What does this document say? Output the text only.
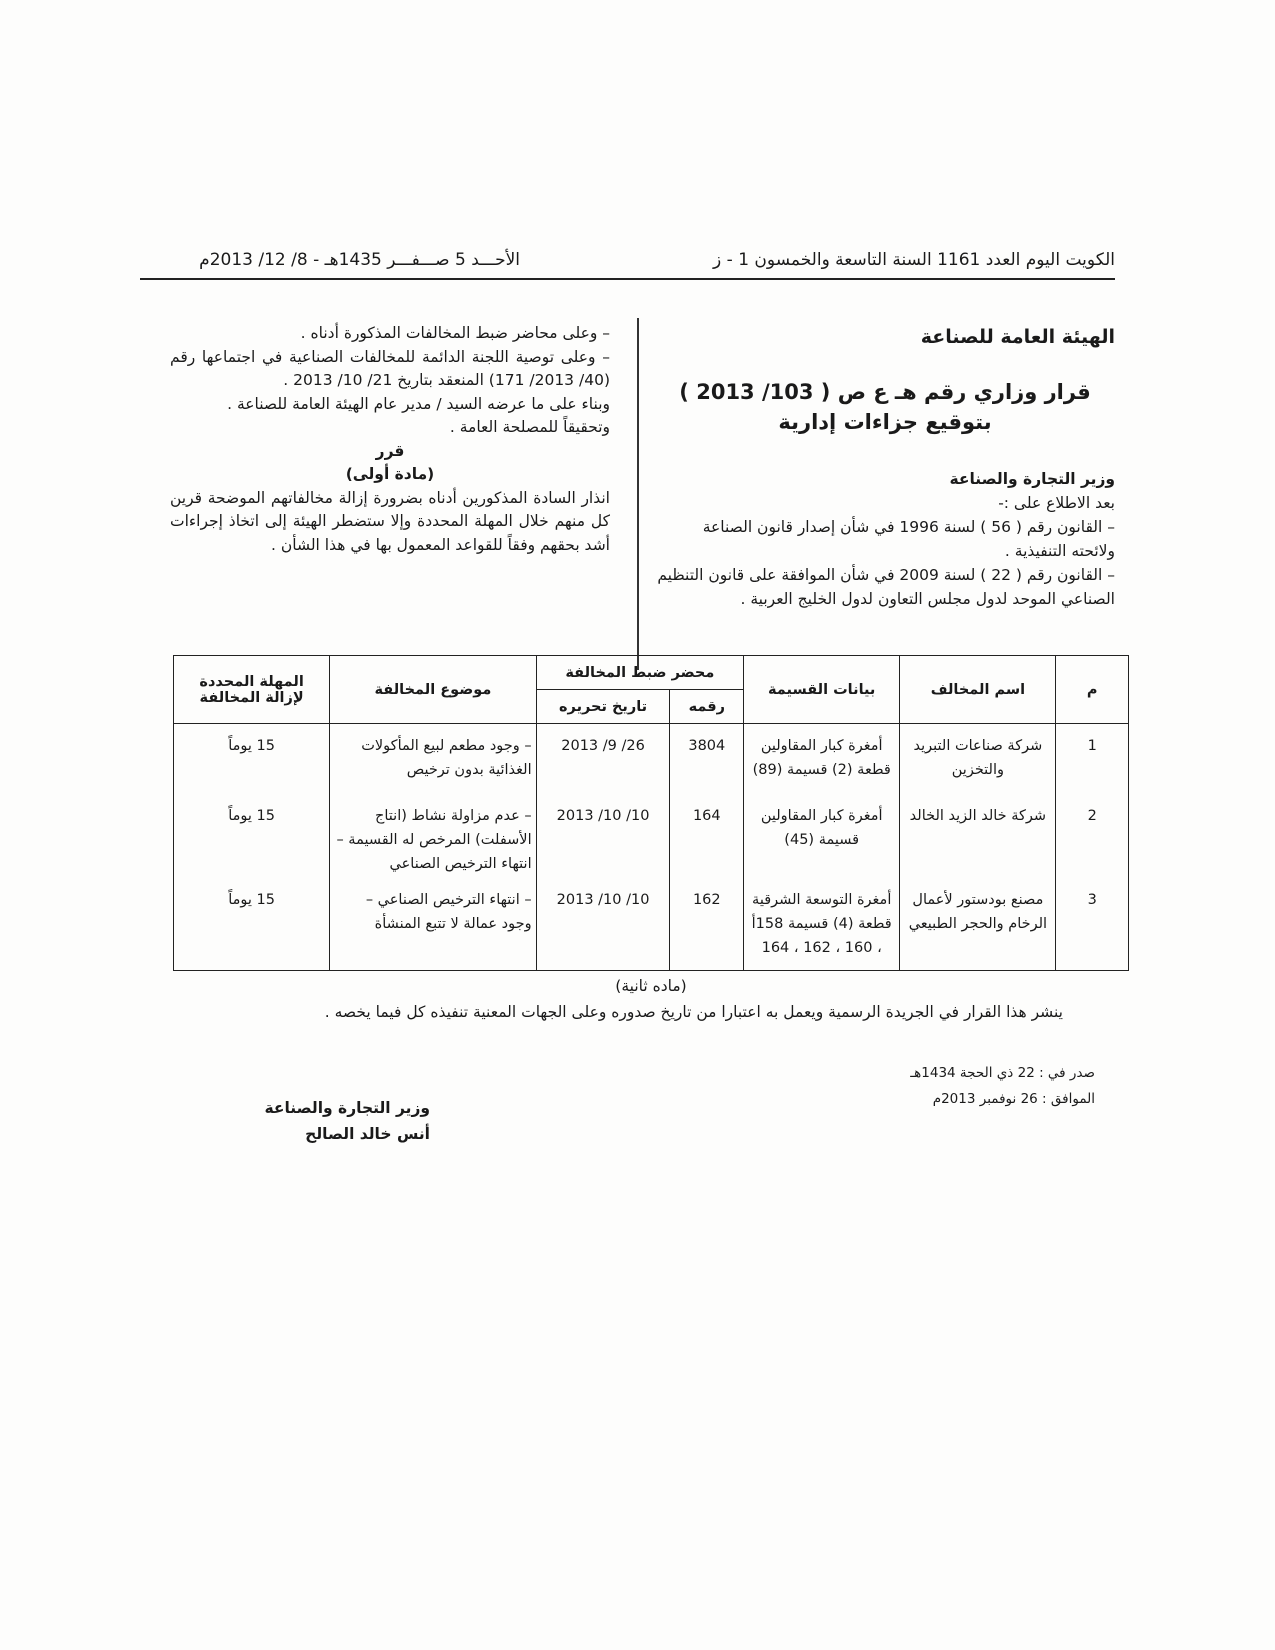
الكويت اليوم العدد 1161 السنة التاسعة والخمسون 1 - ز
الأحـــد 5 صـــفـــر 1435هـ - 8/ 12/ 2013م

الهيئة العامة للصناعة

قرار وزاري رقم هـ ع ص ( 103/ 2013 )

بتوقيع جزاءات إدارية

وزير التجارة والصناعة

بعد الاطلاع على :-

– القانون رقم ( 56 ) لسنة 1996 في شأن إصدار قانون الصناعة ولائحته التنفيذية .

– القانون رقم ( 22 ) لسنة 2009 في شأن الموافقة على قانون التنظيم الصناعي الموحد لدول مجلس التعاون لدول الخليج العربية .

– وعلى محاضر ضبط المخالفات المذكورة أدناه .

– وعلى توصية اللجنة الدائمة للمخالفات الصناعية في اجتماعها رقم (40/ 2013/ 171) المنعقد بتاريخ 21/ 10/ 2013 .

وبناء على ما عرضه السيد / مدير عام الهيئة العامة للصناعة .

وتحقيقاً للمصلحة العامة .

قرر

(مادة أولى)

انذار السادة المذكورين أدناه بضرورة إزالة مخالفاتهم الموضحة قرين كل منهم خلال المهلة المحددة وإلا ستضطر الهيئة إلى اتخاذ إجراءات أشد بحقهم وفقاً للقواعد المعمول بها في هذا الشأن .

م	اسم المخالف	بيانات القسيمة	محضر ضبط المخالفة		موضوع المخالفة	المهلة المحددة لإزالة المخالفة
			رقمه	تاريخ تحريره		
1	شركة صناعات التبريد والتخزين	أمغرة كبار المقاولين قطعة (2) قسيمة (89)	3804	2013 /9 /26	– وجود مطعم لبيع المأكولات الغذائية بدون ترخيص	15 يوماً
2	شركة خالد الزيد الخالد	أمغرة كبار المقاولين قسيمة (45)	164	2013 /10 /10	– عدم مزاولة نشاط (انتاج الأسفلت) المرخص له القسيمة – انتهاء الترخيص الصناعي	15 يوماً
3	مصنع بودستور لأعمال الرخام والحجر الطبيعي	أمغرة التوسعة الشرقية قطعة (4) قسيمة 158أ ، 160 ، 162 ، 164	162	2013 /10 /10	– انتهاء الترخيص الصناعي – وجود عمالة لا تتبع المنشأة	15 يوماً
(ماده ثانية)
ينشر هذا القرار في الجريدة الرسمية ويعمل به اعتبارا من تاريخ صدوره وعلى الجهات المعنية تنفيذه كل فيما يخصه .
صدر في : 22 ذي الحجة 1434هـ
الموافق : 26 نوفمبر 2013م
وزير التجارة والصناعة
أنس خالد الصالح
